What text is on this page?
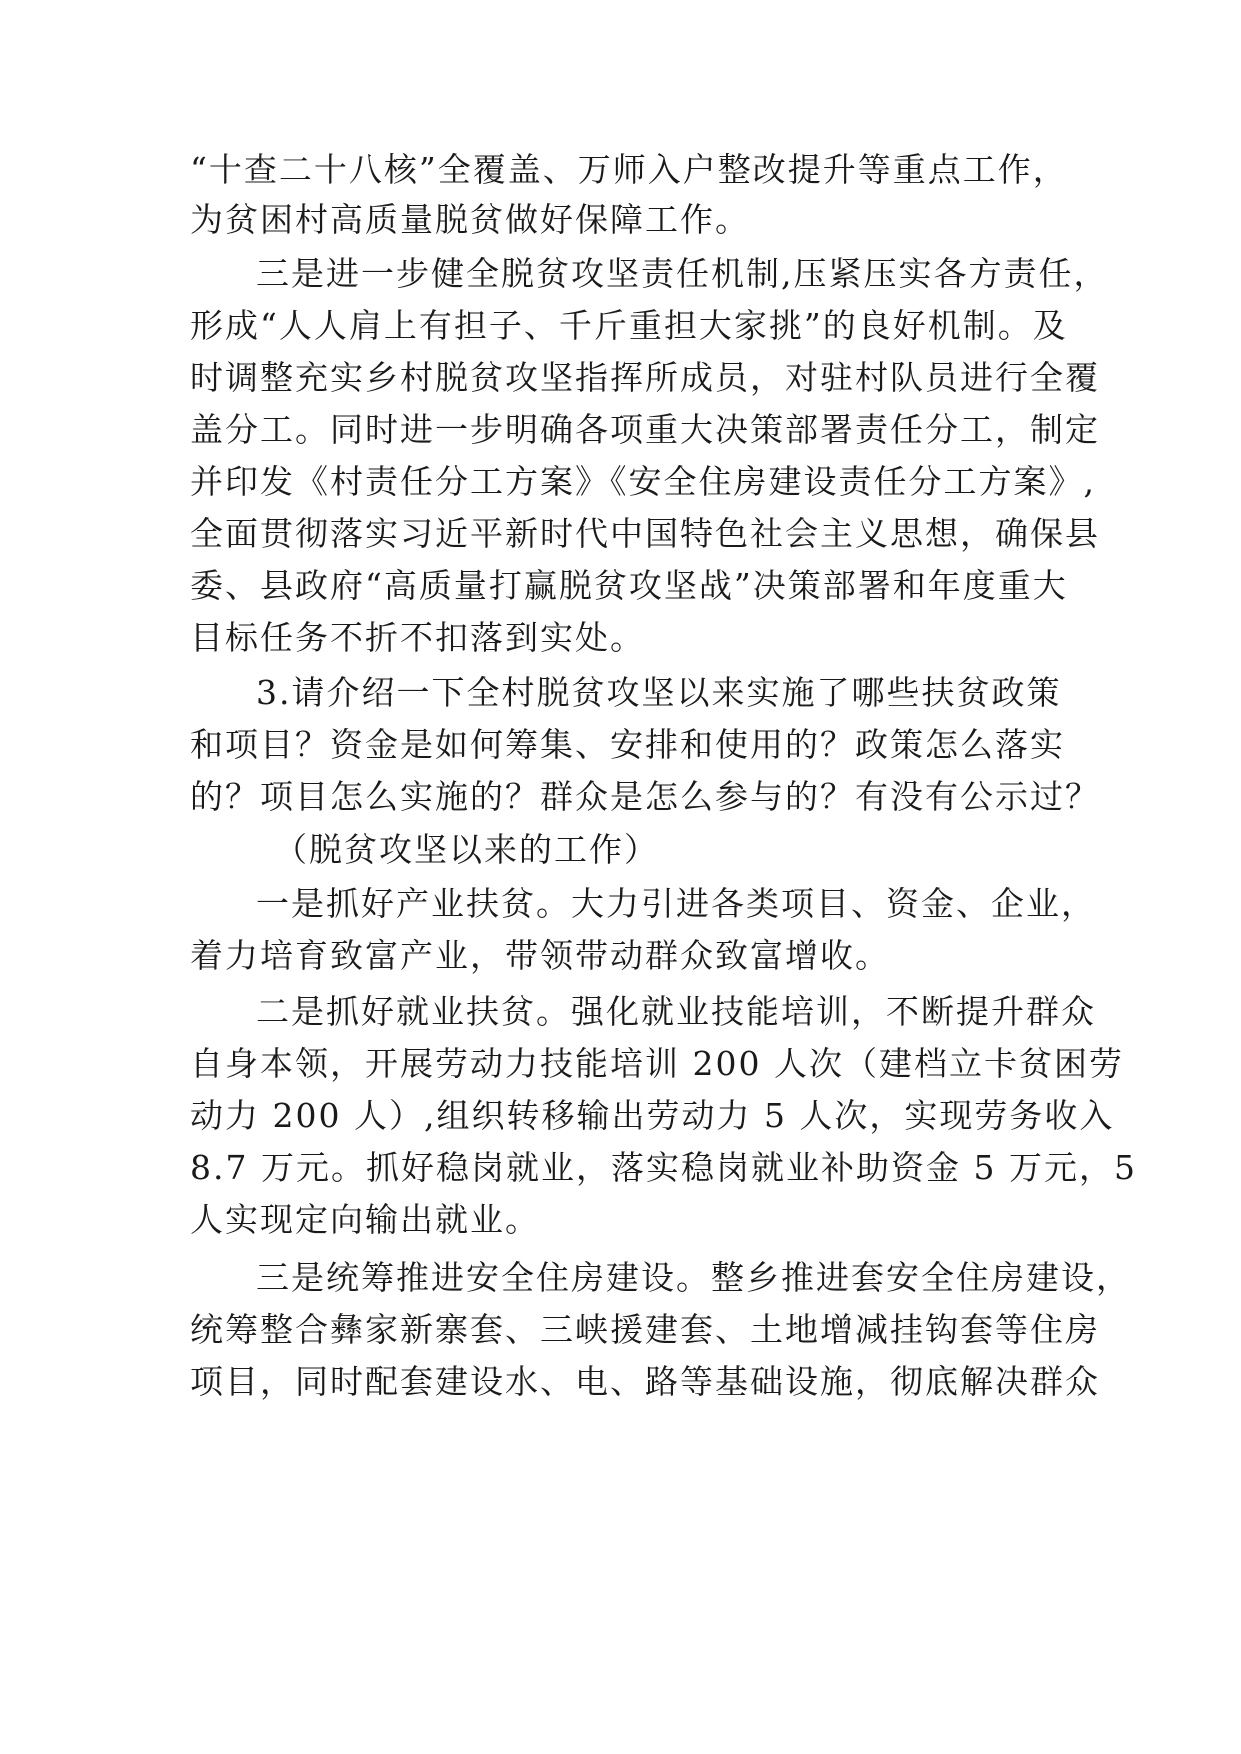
“十查二十八核”全覆盖、万师入户整改提升等重点工作，
为贫困村高质量脱贫做好保障工作。
三是进一步健全脱贫攻坚责任机制,压紧压实各方责任，
形成“人人肩上有担子、千斤重担大家挑”的良好机制。及
时调整充实乡村脱贫攻坚指挥所成员，对驻村队员进行全覆
盖分工。同时进一步明确各项重大决策部署责任分工，制定
并印发《村责任分工方案》《安全住房建设责任分工方案》,
全面贯彻落实习近平新时代中国特色社会主义思想，确保县
委、县政府“高质量打赢脱贫攻坚战”决策部署和年度重大
目标任务不折不扣落到实处。
3.请介绍一下全村脱贫攻坚以来实施了哪些扶贫政策
和项目？资金是如何筹集、安排和使用的？政策怎么落实
的？项目怎么实施的？群众是怎么参与的？有没有公示过？
（脱贫攻坚以来的工作）
一是抓好产业扶贫。大力引进各类项目、资金、企业，
着力培育致富产业，带领带动群众致富增收。
二是抓好就业扶贫。强化就业技能培训，不断提升群众
自身本领，开展劳动力技能培训 200 人次（建档立卡贫困劳
动力 200 人）,组织转移输出劳动力 5 人次，实现劳务收入
8.7 万元。抓好稳岗就业，落实稳岗就业补助资金 5 万元，5
人实现定向输出就业。
三是统筹推进安全住房建设。整乡推进套安全住房建设，
统筹整合彝家新寨套、三峡援建套、土地增减挂钩套等住房
项目，同时配套建设水、电、路等基础设施，彻底解决群众
